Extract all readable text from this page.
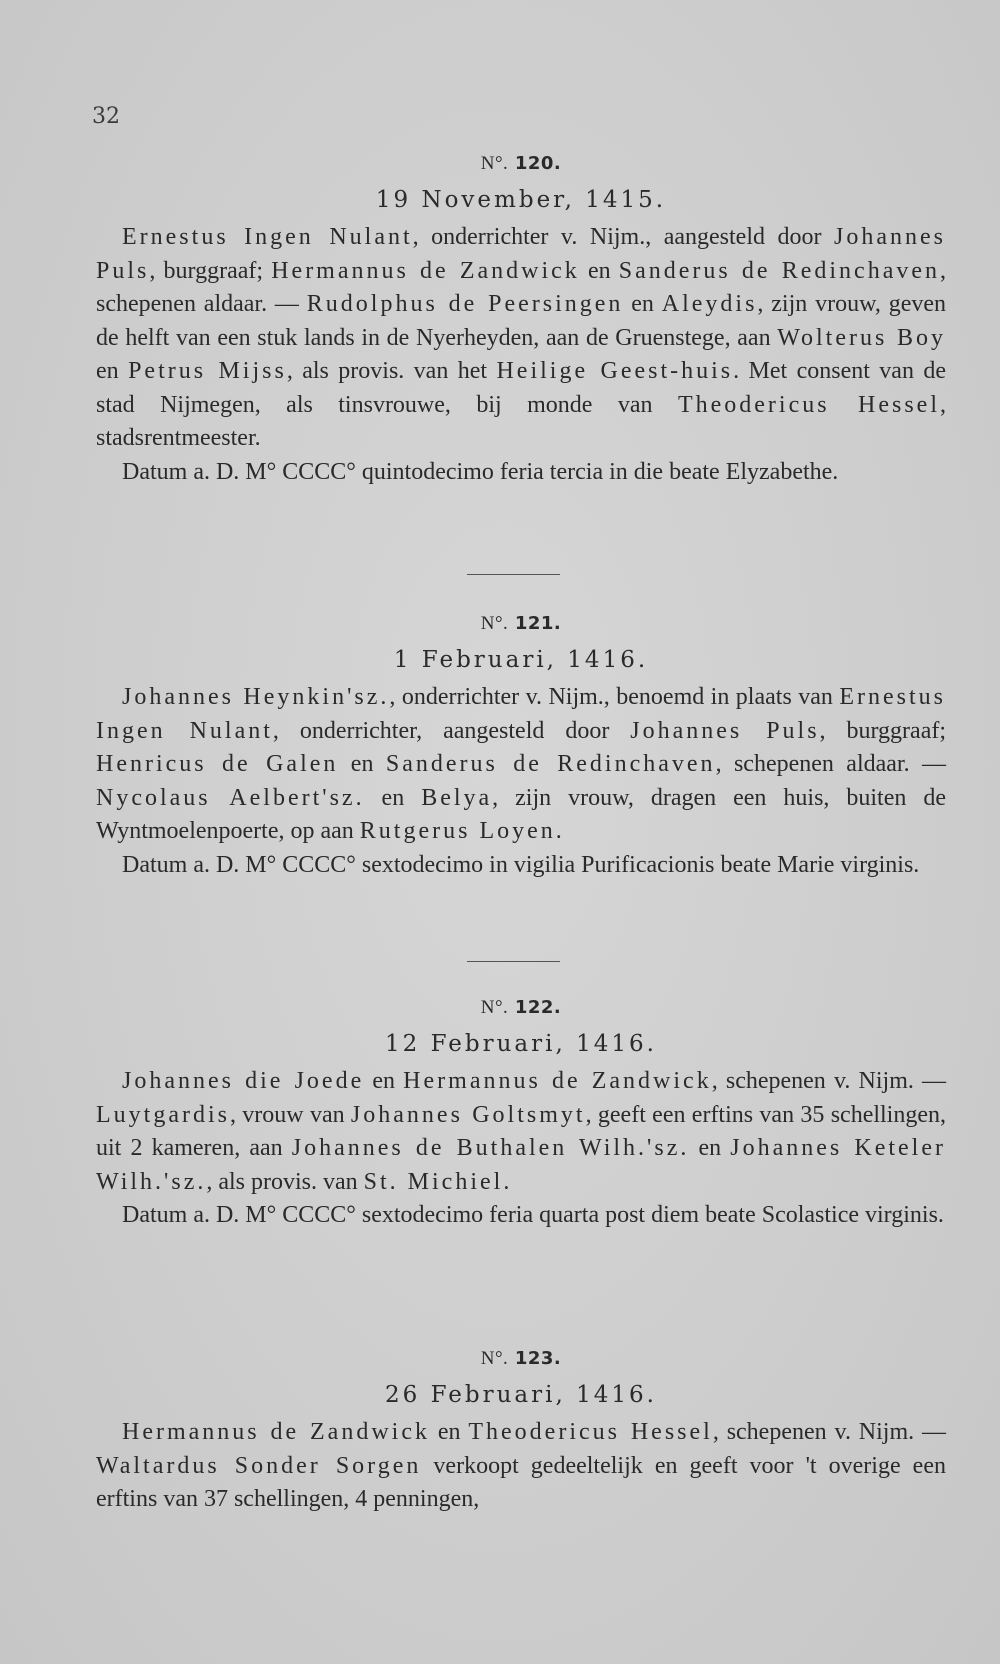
32
N°. 120.
19 November, 1415.

Ernestus Ingen Nulant, onderrichter v. Nijm., aangesteld door Johannes Puls, burggraaf; Hermannus de Zandwick en Sanderus de Redinchaven, schepenen aldaar. — Rudolphus de Peersingen en Aleydis, zijn vrouw, geven de helft van een stuk lands in de Nyerheyden, aan de Gruenstege, aan Wolterus Boy en Petrus Mijss, als provis. van het Heilige Geest-huis. Met consent van de stad Nijmegen, als tinsvrouwe, bij monde van Theodericus Hessel, stadsrentmeester.

Datum a. D. M° CCCC° quintodecimo feria tercia in die beate Elyzabethe.

N°. 121.
1 Februari, 1416.

Johannes Heynkin'sz., onderrichter v. Nijm., benoemd in plaats van Ernestus Ingen Nulant, onderrichter, aangesteld door Johannes Puls, burggraaf; Henricus de Galen en Sanderus de Redinchaven, schepenen aldaar. — Nycolaus Aelbert'sz. en Belya, zijn vrouw, dragen een huis, buiten de Wyntmoelenpoerte, op aan Rutgerus Loyen.

Datum a. D. M° CCCC° sextodecimo in vigilia Purificacionis beate Marie virginis.

N°. 122.
12 Februari, 1416.

Johannes die Joede en Hermannus de Zandwick, schepenen v. Nijm. — Luytgardis, vrouw van Johannes Goltsmyt, geeft een erftins van 35 schellingen, uit 2 kameren, aan Johannes de Buthalen Wilh.'sz. en Johannes Keteler Wilh.'sz., als provis. van St. Michiel.

Datum a. D. M° CCCC° sextodecimo feria quarta post diem beate Scolastice virginis.

N°. 123.
26 Februari, 1416.

Hermannus de Zandwick en Theodericus Hessel, schepenen v. Nijm. — Waltardus Sonder Sorgen verkoopt gedeeltelijk en geeft voor 't overige een erftins van 37 schellingen, 4 penningen,
